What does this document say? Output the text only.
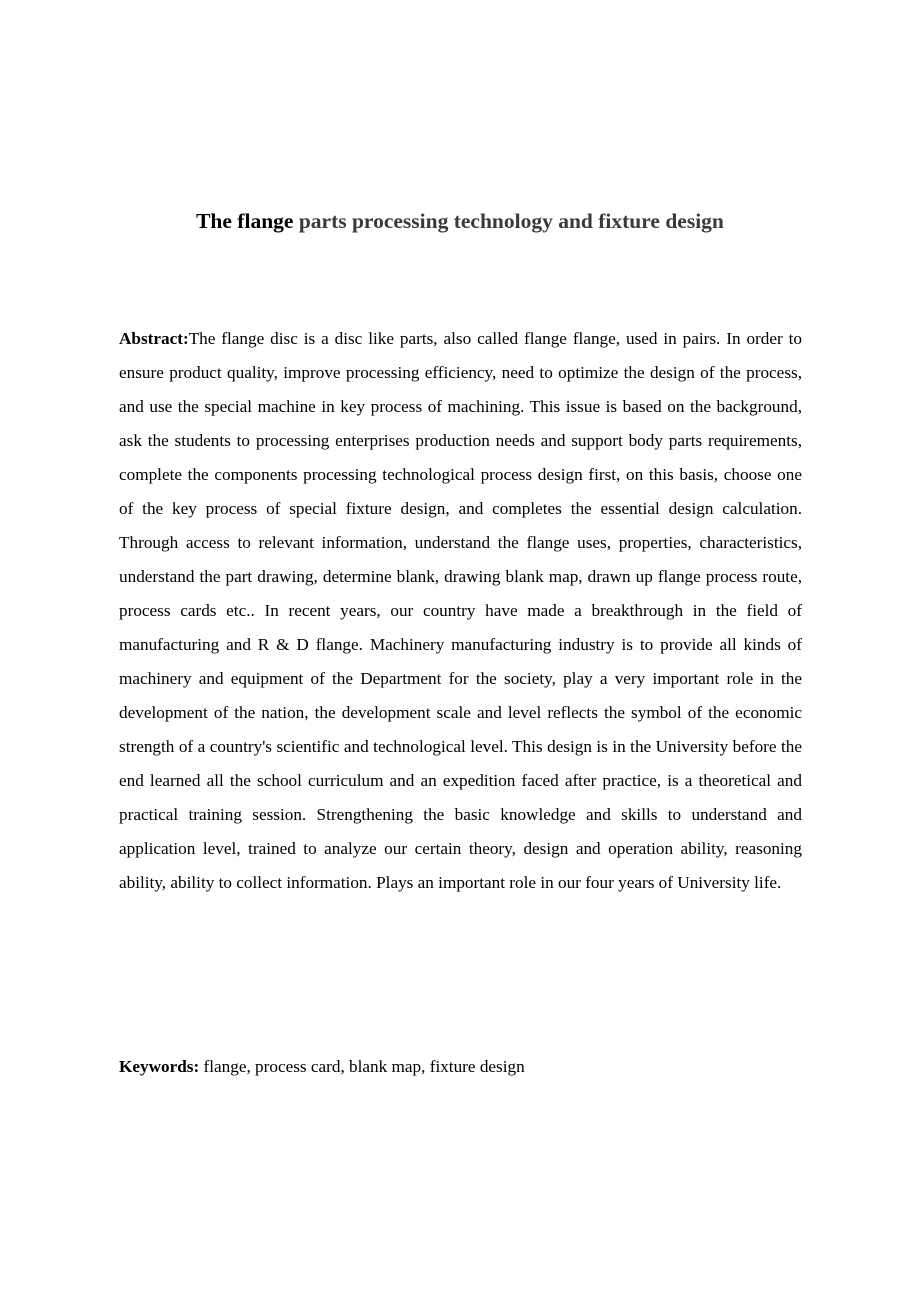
The flange parts processing technology and fixture design

Abstract:The flange disc is a disc like parts, also called flange flange, used in pairs. In order to ensure product quality, improve processing efficiency, need to optimize the design of the process, and use the special machine in key process of machining. This issue is based on the background, ask the students to processing enterprises production needs and support body parts requirements, complete the components processing technological process design first, on this basis, choose one of the key process of special fixture design, and completes the essential design calculation. Through access to relevant information, understand the flange uses, properties, characteristics, understand the part drawing, determine blank, drawing blank map, drawn up flange process route, process cards etc.. In recent years, our country have made a breakthrough in the field of manufacturing and R & D flange. Machinery manufacturing industry is to provide all kinds of machinery and equipment of the Department for the society, play a very important role in the development of the nation, the development scale and level reflects the symbol of the economic strength of a country's scientific and technological level. This design is in the University before the end learned all the school curriculum and an expedition faced after practice, is a theoretical and practical training session. Strengthening the basic knowledge and skills to understand and application level, trained to analyze our certain theory, design and operation ability, reasoning ability, ability to collect information. Plays an important role in our four years of University life.

Keywords: flange, process card, blank map, fixture design
